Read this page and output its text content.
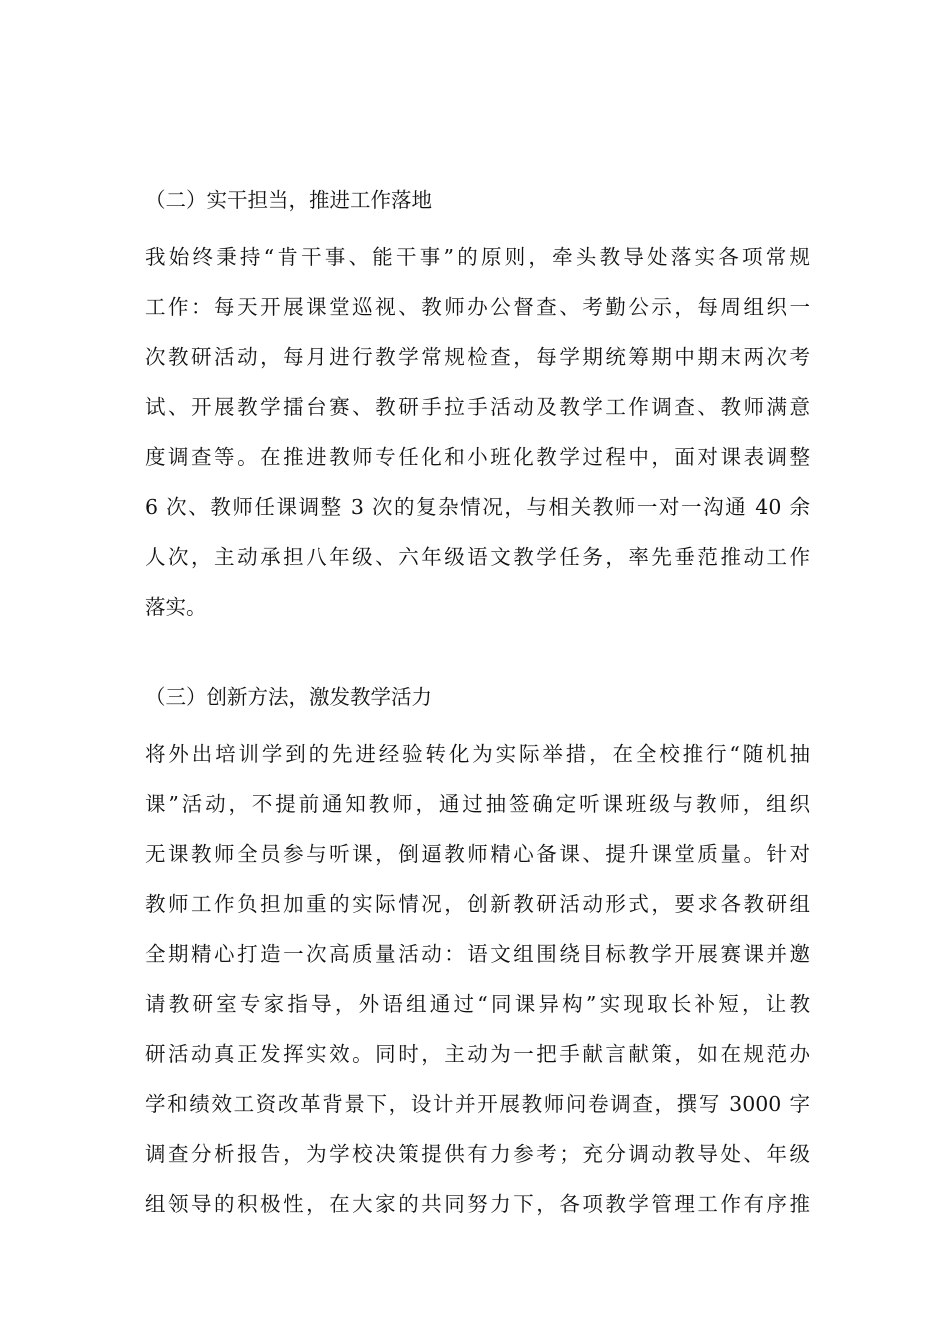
（二）实干担当，推进工作落地
我始终秉持“肯干事、能干事”的原则，牵头教导处落实各项常规
工作：每天开展课堂巡视、教师办公督查、考勤公示，每周组织一
次教研活动，每月进行教学常规检查，每学期统筹期中期末两次考
试、开展教学擂台赛、教研手拉手活动及教学工作调查、教师满意
度调查等。在推进教师专任化和小班化教学过程中，面对课表调整
6 次、教师任课调整 3 次的复杂情况，与相关教师一对一沟通 40 余
人次，主动承担八年级、六年级语文教学任务，率先垂范推动工作
落实。
（三）创新方法，激发教学活力
将外出培训学到的先进经验转化为实际举措，在全校推行“随机抽
课”活动，不提前通知教师，通过抽签确定听课班级与教师，组织
无课教师全员参与听课，倒逼教师精心备课、提升课堂质量。针对
教师工作负担加重的实际情况，创新教研活动形式，要求各教研组
全期精心打造一次高质量活动：语文组围绕目标教学开展赛课并邀
请教研室专家指导，外语组通过“同课异构”实现取长补短，让教
研活动真正发挥实效。同时，主动为一把手献言献策，如在规范办
学和绩效工资改革背景下，设计并开展教师问卷调查，撰写 3000 字
调查分析报告，为学校决策提供有力参考；充分调动教导处、年级
组领导的积极性，在大家的共同努力下，各项教学管理工作有序推
